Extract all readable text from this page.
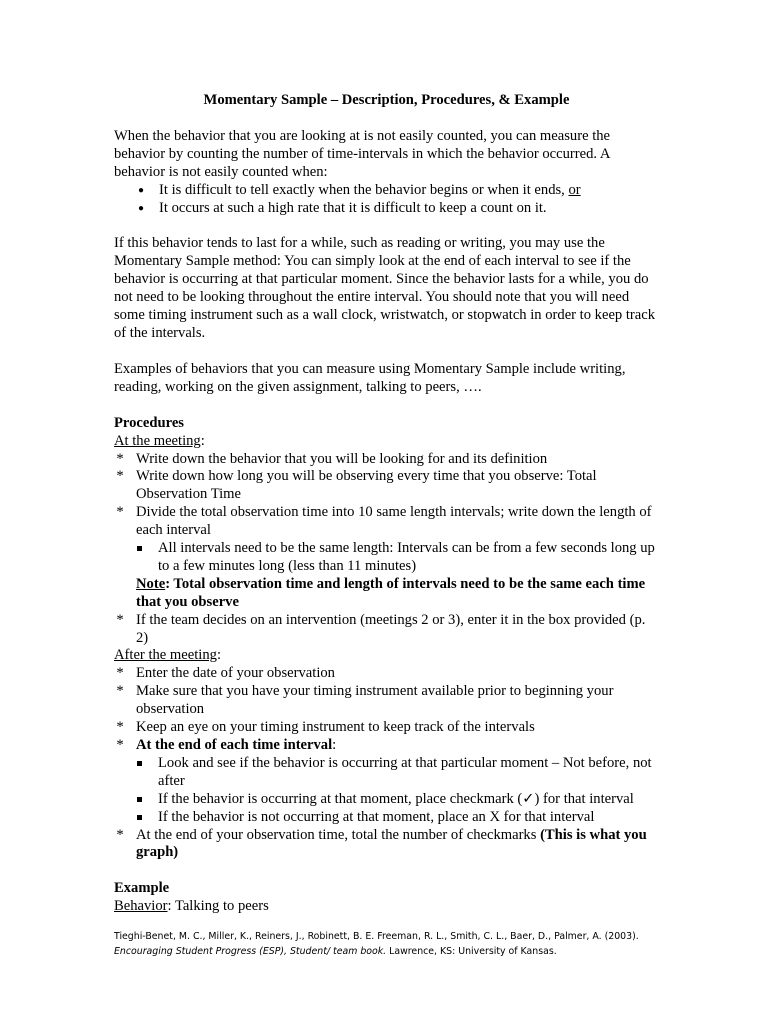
Momentary Sample – Description, Procedures, & Example

When the behavior that you are looking at is not easily counted, you can measure the behavior by counting the number of time-intervals in which the behavior occurred. A behavior is not easily counted when:

● It is difficult to tell exactly when the behavior begins or when it ends, or
● It occurs at such a high rate that it is difficult to keep a count on it.

If this behavior tends to last for a while, such as reading or writing, you may use the Momentary Sample method: You can simply look at the end of each interval to see if the behavior is occurring at that particular moment. Since the behavior lasts for a while, you do not need to be looking throughout the entire interval. You should note that you will need some timing instrument such as a wall clock, wristwatch, or stopwatch in order to keep track of the intervals.

Examples of behaviors that you can measure using Momentary Sample include writing, reading, working on the given assignment, talking to peers, ….

Procedures

At the meeting:

* Write down the behavior that you will be looking for and its definition
* Write down how long you will be observing every time that you observe: Total Observation Time
* Divide the total observation time into 10 same length intervals; write down the length of each interval
All intervals need to be the same length: Intervals can be from a few seconds long up to a few minutes long (less than 11 minutes)

Note: Total observation time and length of intervals need to be the same each time that you observe

* If the team decides on an intervention (meetings 2 or 3), enter it in the box provided (p. 2)

After the meeting:

* Enter the date of your observation
* Make sure that you have your timing instrument available prior to beginning your observation
* Keep an eye on your timing instrument to keep track of the intervals
* At the end of each time interval:
Look and see if the behavior is occurring at that particular moment – Not before, not after
If the behavior is occurring at that moment, place checkmark (✓) for that interval
If the behavior is not occurring at that moment, place an X for that interval
* At the end of your observation time, total the number of checkmarks (This is what you graph)

Example

Behavior: Talking to peers

Tieghi-Benet, M. C., Miller, K., Reiners, J., Robinett, B. E. Freeman, R. L., Smith, C. L., Baer, D., Palmer, A. (2003).
Encouraging Student Progress (ESP), Student/ team book. Lawrence, KS: University of Kansas.
